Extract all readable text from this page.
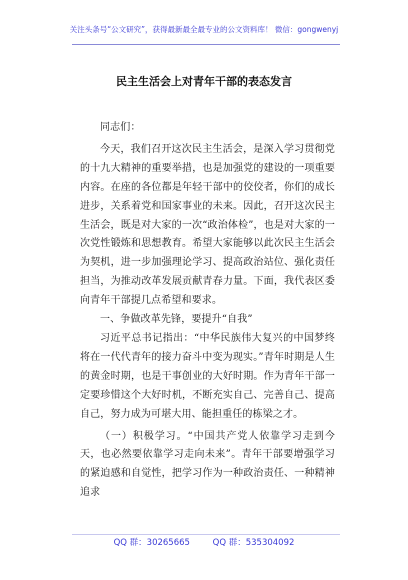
关注头条号“公文研究”，获得最新最全最专业的公文资料库！ 微信：gongwenyj
民主生活会上对青年干部的表态发言

同志们：

今天，我们召开这次民主生活会，是深入学习贯彻党的十九大精神的重要举措，也是加强党的建设的一项重要内容。在座的各位都是年轻干部中的佼佼者，你们的成长进步，关系着党和国家事业的未来。因此，召开这次民主生活会，既是对大家的一次“政治体检”，也是对大家的一次党性锻炼和思想教育。希望大家能够以此次民主生活会为契机，进一步加强理论学习、提高政治站位、强化责任担当，为推动改革发展贡献青春力量。下面，我代表区委向青年干部提几点希望和要求。

一、争做改革先锋，要提升“自我”

习近平总书记指出：“中华民族伟大复兴的中国梦终将在一代代青年的接力奋斗中变为现实。”青年时期是人生的黄金时期，也是干事创业的大好时期。作为青年干部一定要珍惜这个大好时机，不断充实自己、完善自己、提高自己，努力成为可堪大用、能担重任的栋梁之才。

（一）积极学习。“中国共产党人依靠学习走到今天，也必然要依靠学习走向未来”。青年干部要增强学习的紧迫感和自觉性，把学习作为一种政治责任、一种精神追求

QQ 群：30265665	QQ 群：535304092
